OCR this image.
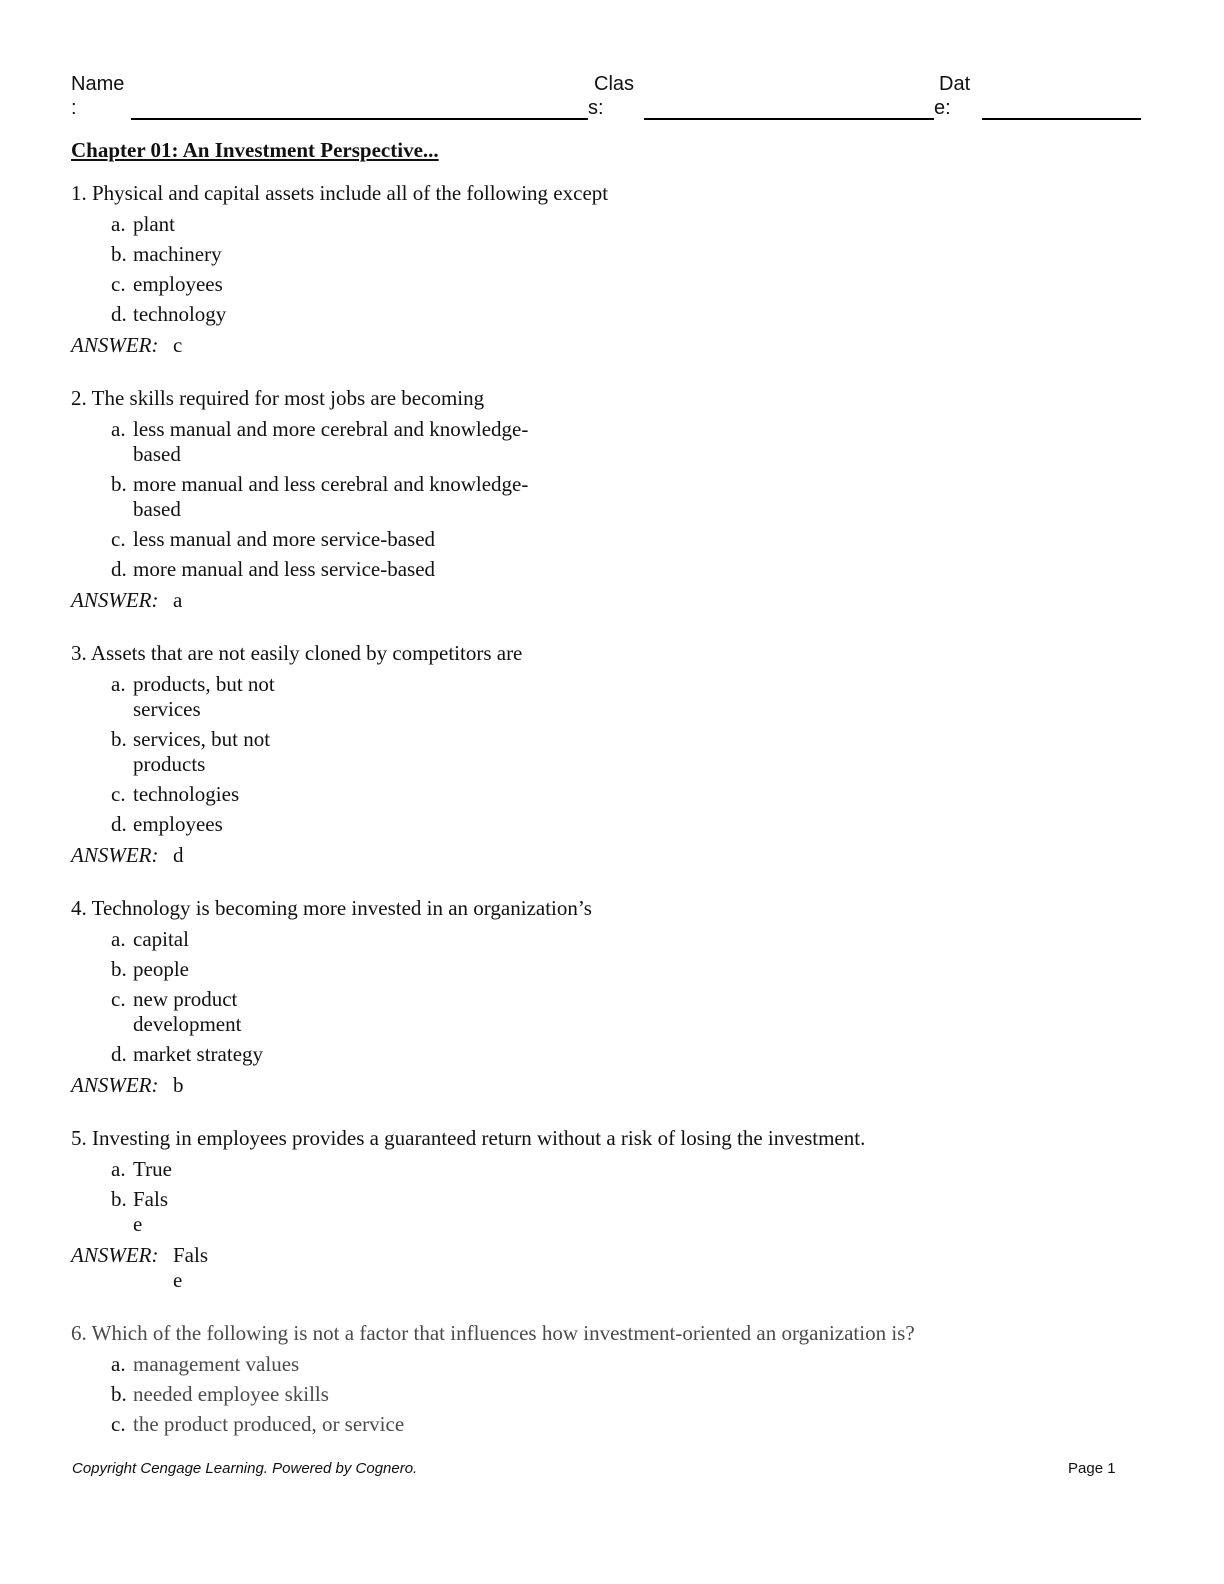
Name
:
Clas
s:
Dat
e:
Chapter 01: An Investment Perspective...
1. Physical and capital assets include all of the following except
a. plant
b. machinery
c. employees
d. technology
ANSWER: c
2. The skills required for most jobs are becoming
a. less manual and more cerebral and knowledge-
based
b. more manual and less cerebral and knowledge-
based
c. less manual and more service-based
d. more manual and less service-based
ANSWER: a
3. Assets that are not easily cloned by competitors are
a. products, but not
services
b. services, but not
products
c. technologies
d. employees
ANSWER: d
4. Technology is becoming more invested in an organization’s
a. capital
b. people
c. new product
development
d. market strategy
ANSWER: b
5. Investing in employees provides a guaranteed return without a risk of losing the investment.
a. True
b. Fals
e
ANSWER: Fals
e
6. Which of the following is not a factor that influences how investment-oriented an organization is?
a. management values
b. needed employee skills
c. the product produced, or service
Copyright Cengage Learning. Powered by Cognero.	Page 1
